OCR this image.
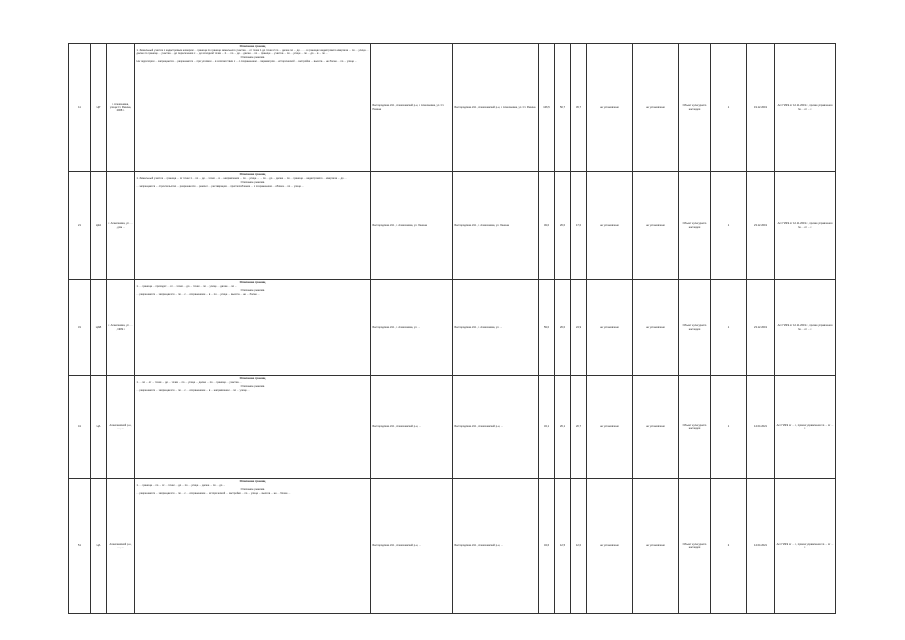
11	ЦР	г. Алексеевка, улица Ст. Разина, 2008 г.	Описание границ
1. Земельный участок с кадастровым номером ... граница по границе земельного участка ... от точки 1 до точки 2 по ... далее по ... до ... ... в границах кадастрового квартала ... по ... улица ... далее по границе ... участка ... до пересечения с ... до исходной точки ... 2. ... по ... до ... далее ... по ... границе ... участка ... по ... улице ... по ... до ... в ... по ...
Описание режима
На территории ... запрещается ... разрешается ... при условии ... в соответствии с ... с сохранением ... параметров ... исторической ... застройки ... высота ... не более ... по ... улице ...	Белгородская обл., Алексеевский р-н, г. Алексеевка, ул. Ст. Разина	Белгородская обл., Алексеевский р-н, г. Алексеевка, ул. Ст. Разина	106,5	50,7	45,7	не установлено	не установлено	Объект культурного наследия	1	19.12.2019	Акт ГИКЭ от 12.11.2019 г., приказ управления № ... от ... г.
21	ЦКА	г. Алексеевка, ул. ... , дом ...	Описание границ
1. Земельный участок ... граница ... от точки 1 ... по ... до ... точки ... в ... направлении ... по ... улице ... ... по ... до ... далее ... по ... границе ... кадастрового ... квартала ... до ...
Описание режима
... запрещается ... строительство ... разрешается ... ремонт ... реставрация ... приспособление ... с сохранением ... облика ... по ... улице ...	Белгородская обл., г. Алексеевка, ул. Ленина	Белгородская обл., г. Алексеевка, ул. Ленина	49,0	26,0	17,0	не установлено	не установлено	Объект культурного наследия	1	23.12.2019	Акт ГИКЭ от 12.11.2019 г., приказ управления № ... от ... г.
31	ЦАВ	г. Алексеевка, ул. ... , 1909 г.	Описание границ
1. ... граница ... проходит ... от ... точки ... до ... точки ... по ... улице ... далее ... по ...
Описание режима
... разрешается ... запрещается ... по ... с ... сохранением ... в ... по ... улице ... высота ... не ... более ...	Белгородская обл., г. Алексеевка, ул. ...	Белгородская обл., г. Алексеевка, ул. ...	59,0	26,0	24,9	не установлено	не установлено	Объект культурного наследия	1	23.12.2019	Акт ГИКЭ от 12.11.2019 г., приказ управления № ... от ... г.
41	ЦА	Алексеевский р-н, ... , ...	Описание границ
1. ... по ... от ... точки ... до ... точки ... по ... улице ... далее ... по ... границе ... участка ...
Описание режима
... разрешается ... запрещается ... по ... с ... сохранением ... в ... направлении ... по ... улице ...	Белгородская обл., Алексеевский р-н, ...	Белгородская обл., Алексеевский р-н, ...	34,1	26,1	20,7	не установлено	не установлено	Объект культурного наследия	1	14.04.2021	Акт ГИКЭ от ... г., приказ управления № ... от ... г.
51	ЦА	Алексеевский р-н, ... , ...	Описание границ
1. ... граница ... по ... от ... точки ... до ... по ... улице ... далее ... по ... до ...
Описание режима
... разрешается ... запрещается ... по ... с ... сохранением ... исторической ... застройки ... по ... улице ... высота ... не ... более ...	Белгородская обл., Алексеевский р-н, ...	Белгородская обл., Алексеевский р-н, ...	43,6	12,5	12,0	не установлено	не установлено	Объект культурного наследия	2	14.04.2021	Акт ГИКЭ от ... г., приказ управления № ... от ... г.
